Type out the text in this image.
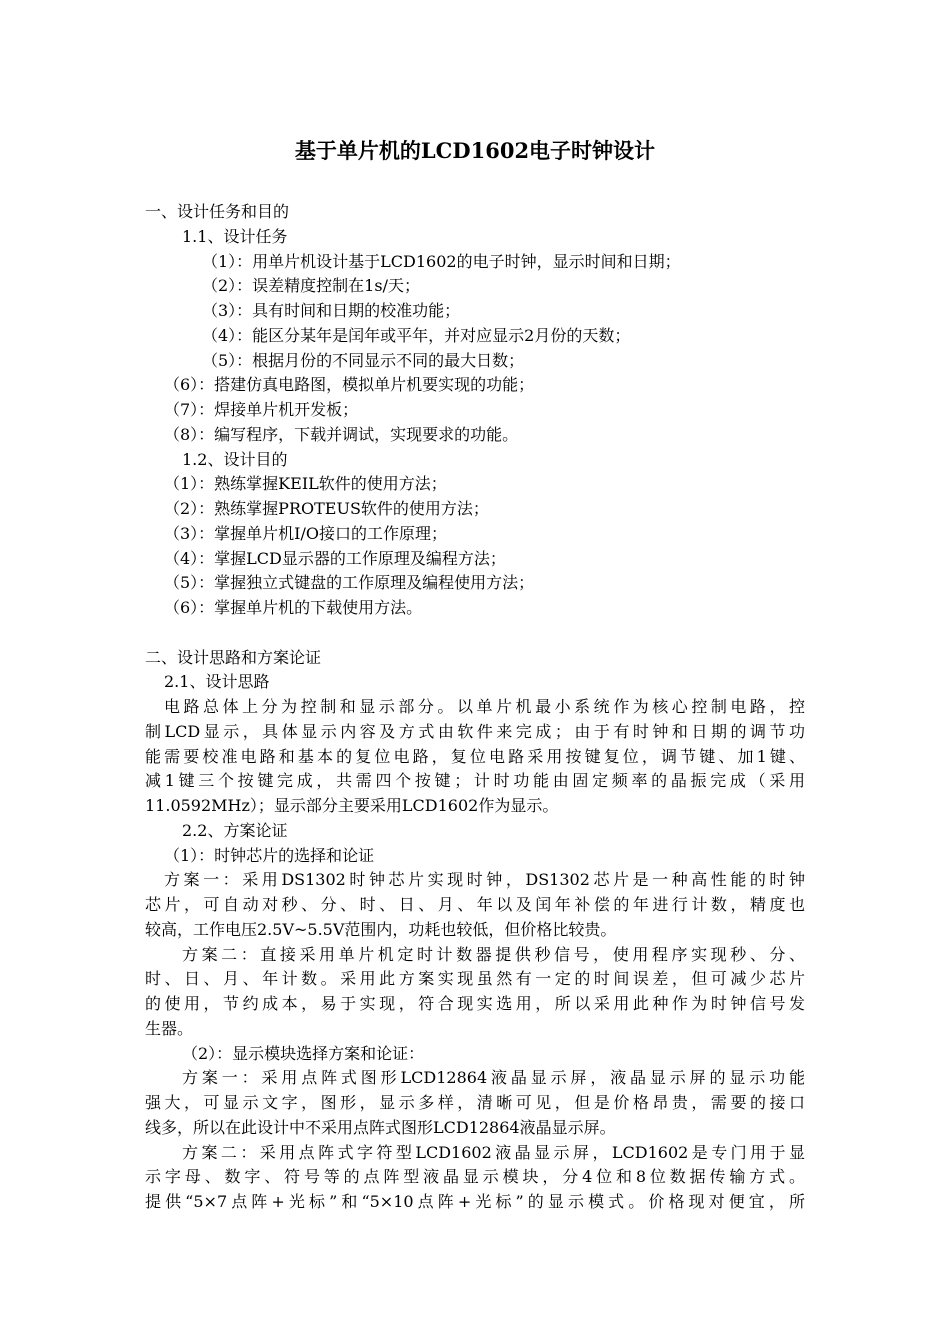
基于单片机的LCD1602电子时钟设计
一、设计任务和目的
1.1、设计任务
（1）：用单片机设计基于LCD1602的电子时钟，显示时间和日期；
（2）：误差精度控制在1s/天；
（3）：具有时间和日期的校准功能；
（4）：能区分某年是闰年或平年，并对应显示2月份的天数；
（5）：根据月份的不同显示不同的最大日数；
（6）：搭建仿真电路图，模拟单片机要实现的功能；
（7）：焊接单片机开发板；
（8）：编写程序，下载并调试，实现要求的功能。
1.2、设计目的
（1）：熟练掌握KEIL软件的使用方法；
（2）：熟练掌握PROTEUS软件的使用方法；
（3）：掌握单片机I/O接口的工作原理；
（4）：掌握LCD显示器的工作原理及编程方法；
（5）：掌握独立式键盘的工作原理及编程使用方法；
（6）：掌握单片机的下载使用方法。
二、设计思路和方案论证
2.1、设计思路
电路总体上分为控制和显示部分。以单片机最小系统作为核心控制电路，控
制LCD显示，具体显示内容及方式由软件来完成；由于有时钟和日期的调节功
能需要校准电路和基本的复位电路，复位电路采用按键复位，调节键、加1键、
减1键三个按键完成，共需四个按键；计时功能由固定频率的晶振完成（采用
11.0592MHz）；显示部分主要采用LCD1602作为显示。
2.2、方案论证
（1）：时钟芯片的选择和论证
方案一：采用DS1302时钟芯片实现时钟，DS1302芯片是一种高性能的时钟
芯片，可自动对秒、分、时、日、月、年以及闰年补偿的年进行计数，精度也
较高，工作电压2.5V~5.5V范围内，功耗也较低，但价格比较贵。
方案二：直接采用单片机定时计数器提供秒信号，使用程序实现秒、分、
时、日、月、年计数。采用此方案实现虽然有一定的时间误差，但可减少芯片
的使用，节约成本，易于实现，符合现实选用，所以采用此种作为时钟信号发
生器。
（2）：显示模块选择方案和论证：
方案一：采用点阵式图形LCD12864液晶显示屏，液晶显示屏的显示功能
强大，可显示文字，图形，显示多样，清晰可见，但是价格昂贵，需要的接口
线多，所以在此设计中不采用点阵式图形LCD12864液晶显示屏。
方案二：采用点阵式字符型LCD1602液晶显示屏，LCD1602是专门用于显
示字母、数字、符号等的点阵型液晶显示模块，分4位和8位数据传输方式。
提供“5×7点阵+光标”和“5×10点阵+光标”的显示模式。价格现对便宜，所
